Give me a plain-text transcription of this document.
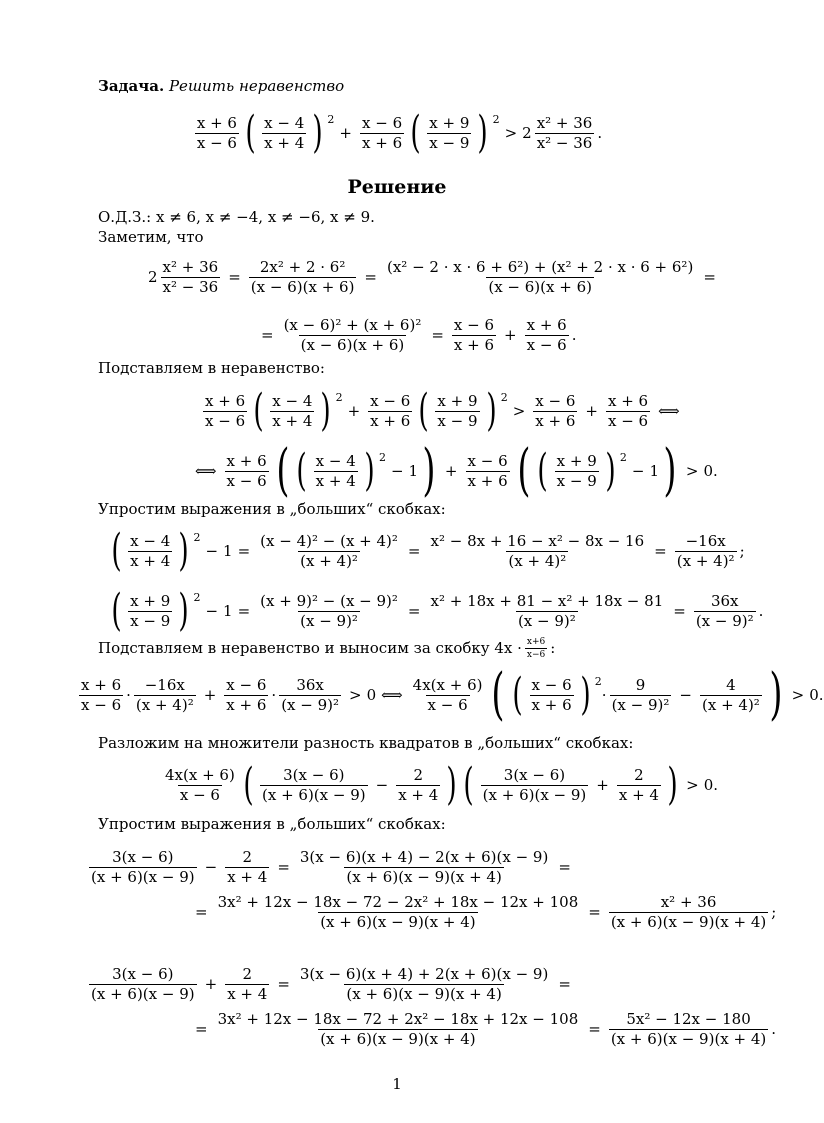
Задача. Решить неравенство
$\frac{x + 6}{x - 6}$ ( $\frac{x - 4}{x + 4}$ ) 2
+ $\frac{x - 6}{x + 6}$ ( $\frac{x + 9}{x - 9}$ ) 2
> $2 \frac{\text{x² + 36}}{\text{x² − 36}}$ .
Решение
О.Д.З.: x ≠ 6, x ≠ −4, x ≠ −6, x ≠ 9.
Заметим, что
$2 \frac{\text{x² + 36}}{\text{x² − 36}} = \frac{\text{2x² + 2 · 6²}}{(x - 6)(x + 6)} = \frac{\text{(x² − 2 · x · 6 + 6²) + (x² + 2 · x · 6 + 6²)}}{(x - 6)(x + 6)}$ =
= $\frac{\text{(x − 6)² + (x + 6)²}}{(x - 6)(x + 6)} = \frac{x - 6}{x + 6} + \frac{x + 6}{x - 6}$ .
Подставляем в неравенство:
$\frac{x + 6}{x - 6}$ ( $\frac{x - 4}{x + 4}$ ) 2
+ $\frac{x - 6}{x + 6}$ ( $\frac{x + 9}{x - 9}$ ) 2
> $\frac{x - 6}{x + 6} + \frac{x + 6}{x - 6}$ ⟺
⟺ $\frac{x + 6}{x - 6}$ ( ( $\frac{x - 4}{x + 4}$ ) 2
− 1 ) + $\frac{x - 6}{x + 6}$ ( ( $\frac{x + 9}{x - 9}$ ) 2
− 1 ) > 0.
Упростим выражения в „больших“ скобках:
( $\frac{x - 4}{x + 4}$ ) 2
− $1 = \frac{\text{(x − 4)² − (x + 4)²}}{\text{(x + 4)²}} = \frac{\text{x² − 8x + 16 − x² − 8x − 16}}{\text{(x + 4)²}} = \frac{-16x}{\text{(x + 4)²}}$ ;
( $\frac{x + 9}{x - 9}$ ) 2
− $1 = \frac{\text{(x + 9)² − (x − 9)²}}{\text{(x − 9)²}} = \frac{\text{x² + 18x + 81 − x² + 18x − 81}}{\text{(x − 9)²}} = \frac{36x}{\text{(x − 9)²}}$ .
Подставляем в неравенство и выносим за скобку $4x \cdot \frac{x+6}{x-6}$ :
$\frac{x + 6}{x - 6} \cdot \frac{-16x}{\text{(x + 4)²}} + \frac{x - 6}{x + 6} \cdot \frac{36x}{\text{(x − 9)²}} > 0$ ⟺ $\frac{4x(x + 6)}{x - 6}$ ( ( $\frac{x - 6}{x + 6}$ ) 2
· $\frac{9}{\text{(x − 9)²}} - \frac{4}{\text{(x + 4)²}}$ ) > 0.
Разложим на множители разность квадратов в „больших“ скобках:
$\frac{4x(x + 6)}{x - 6}$ ( $\frac{3(x - 6)}{(x + 6)(x - 9)} - \frac{2}{x + 4}$ ) ( $\frac{3(x - 6)}{(x + 6)(x - 9)} + \frac{2}{x + 4}$ ) > 0.
Упростим выражения в „больших“ скобках:
$\frac{3(x - 6)}{(x + 6)(x - 9)} - \frac{2}{x + 4} = \frac{3(x - 6)(x + 4) - 2(x + 6)(x - 9)}{(x + 6)(x - 9)(x + 4)}$ =
= $\frac{\text{3x² + 12x − 18x − 72 − 2x² + 18x − 12x + 108}}{(x + 6)(x - 9)(x + 4)} = \frac{\text{x² + 36}}{(x + 6)(x - 9)(x + 4)}$ ;
$\frac{3(x - 6)}{(x + 6)(x - 9)} + \frac{2}{x + 4} = \frac{3(x - 6)(x + 4) + 2(x + 6)(x - 9)}{(x + 6)(x - 9)(x + 4)}$ =
= $\frac{\text{3x² + 12x − 18x − 72 + 2x² − 18x + 12x − 108}}{(x + 6)(x - 9)(x + 4)} = \frac{\text{5x² − 12x − 180}}{(x + 6)(x - 9)(x + 4)}$ .
1
